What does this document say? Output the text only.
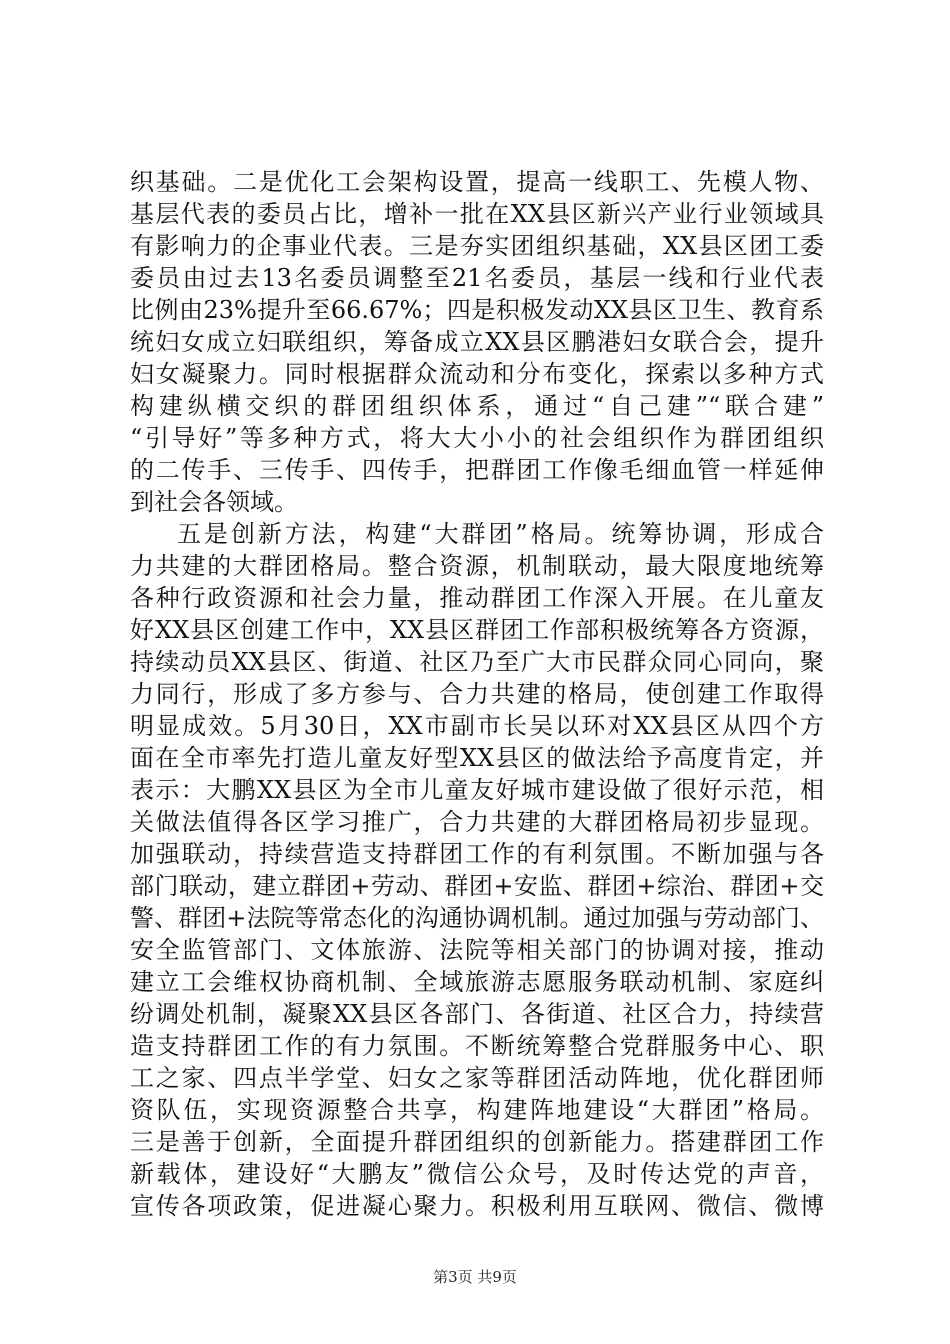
织基础。二是优化工会架构设置，提高一线职工、先模人物、
基层代表的委员占比，增补一批在XX县区新兴产业行业领域具
有影响力的企事业代表。三是夯实团组织基础，XX县区团工委
委员由过去13名委员调整至21名委员，基层一线和行业代表
比例由23%提升至66.67%；四是积极发动XX县区卫生、教育系
统妇女成立妇联组织，筹备成立XX县区鹏港妇女联合会，提升
妇女凝聚力。同时根据群众流动和分布变化，探索以多种方式
构建纵横交织的群团组织体系，通过“自己建”“联合建”
“引导好”等多种方式，将大大小小的社会组织作为群团组织
的二传手、三传手、四传手，把群团工作像毛细血管一样延伸
到社会各领域。
五是创新方法，构建“大群团”格局。统筹协调，形成合
力共建的大群团格局。整合资源，机制联动，最大限度地统筹
各种行政资源和社会力量，推动群团工作深入开展。在儿童友
好XX县区创建工作中，XX县区群团工作部积极统筹各方资源，
持续动员XX县区、街道、社区乃至广大市民群众同心同向，聚
力同行，形成了多方参与、合力共建的格局，使创建工作取得
明显成效。5月30日，XX市副市长吴以环对XX县区从四个方
面在全市率先打造儿童友好型XX县区的做法给予高度肯定，并
表示：大鹏XX县区为全市儿童友好城市建设做了很好示范，相
关做法值得各区学习推广，合力共建的大群团格局初步显现。
加强联动，持续营造支持群团工作的有利氛围。不断加强与各
部门联动，建立群团+劳动、群团+安监、群团+综治、群团+交
警、群团+法院等常态化的沟通协调机制。通过加强与劳动部门、
安全监管部门、文体旅游、法院等相关部门的协调对接，推动
建立工会维权协商机制、全域旅游志愿服务联动机制、家庭纠
纷调处机制，凝聚XX县区各部门、各街道、社区合力，持续营
造支持群团工作的有力氛围。不断统筹整合党群服务中心、职
工之家、四点半学堂、妇女之家等群团活动阵地，优化群团师
资队伍，实现资源整合共享，构建阵地建设“大群团”格局。
三是善于创新，全面提升群团组织的创新能力。搭建群团工作
新载体，建设好“大鹏友”微信公众号，及时传达党的声音，
宣传各项政策，促进凝心聚力。积极利用互联网、微信、微博
第3页 共9页
